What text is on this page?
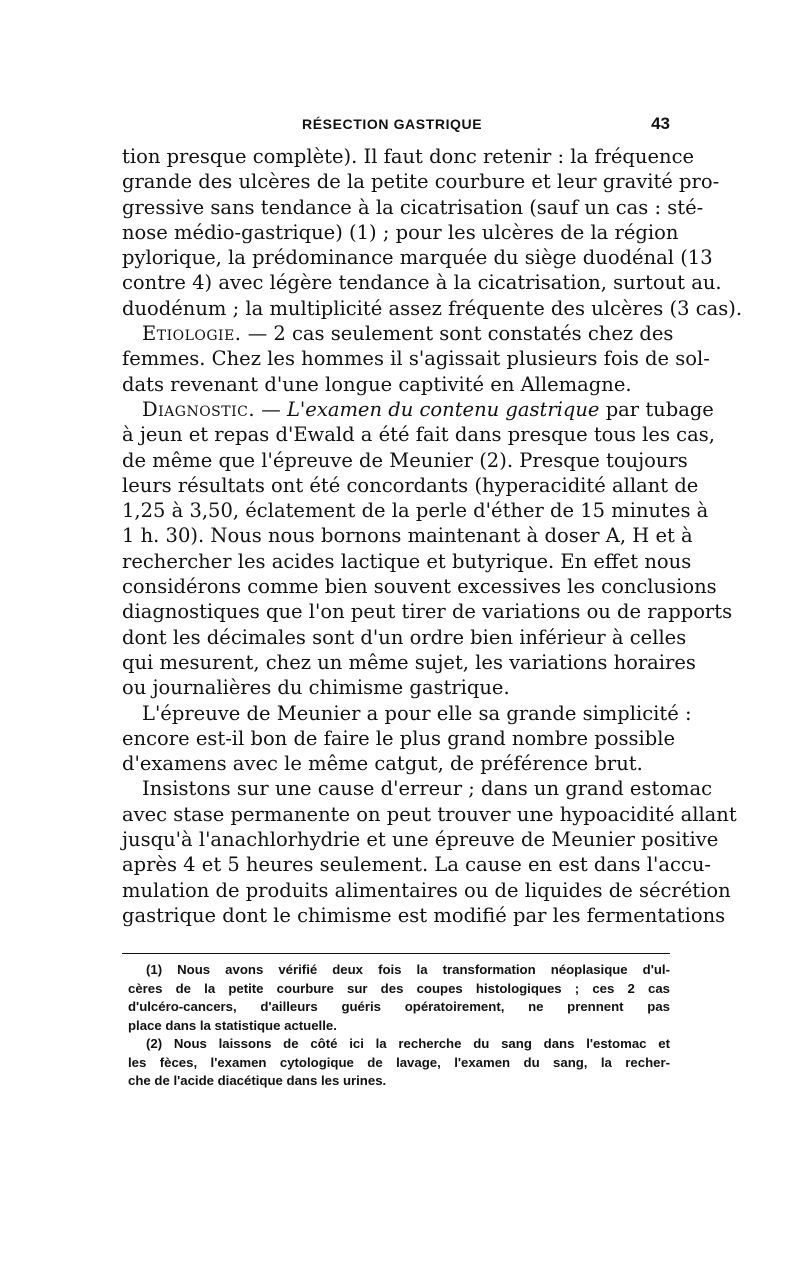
RÉSECTION GASTRIQUE	43
tion presque complète). Il faut donc retenir : la fréquence
grande des ulcères de la petite courbure et leur gravité pro-
gressive sans tendance à la cicatrisation (sauf un cas : sté-
nose médio-gastrique) (1) ; pour les ulcères de la région
pylorique, la prédominance marquée du siège duodénal (13
contre 4) avec légère tendance à la cicatrisation, surtout au.
duodénum ; la multiplicité assez fréquente des ulcères (3 cas).
Etiologie. — 2 cas seulement sont constatés chez des
femmes. Chez les hommes il s'agissait plusieurs fois de sol-
dats revenant d'une longue captivité en Allemagne.
Diagnostic. — L'examen du contenu gastrique par tubage
à jeun et repas d'Ewald a été fait dans presque tous les cas,
de même que l'épreuve de Meunier (2). Presque toujours
leurs résultats ont été concordants (hyperacidité allant de
1,25 à 3,50, éclatement de la perle d'éther de 15 minutes à
1 h. 30). Nous nous bornons maintenant à doser A, H et à
rechercher les acides lactique et butyrique. En effet nous
considérons comme bien souvent excessives les conclusions
diagnostiques que l'on peut tirer de variations ou de rapports
dont les décimales sont d'un ordre bien inférieur à celles
qui mesurent, chez un même sujet, les variations horaires
ou journalières du chimisme gastrique.
L'épreuve de Meunier a pour elle sa grande simplicité :
encore est-il bon de faire le plus grand nombre possible
d'examens avec le même catgut, de préférence brut.
Insistons sur une cause d'erreur ; dans un grand estomac
avec stase permanente on peut trouver une hypoacidité allant
jusqu'à l'anachlorhydrie et une épreuve de Meunier positive
après 4 et 5 heures seulement. La cause en est dans l'accu-
mulation de produits alimentaires ou de liquides de sécrétion
gastrique dont le chimisme est modifié par les fermentations
(1) Nous avons vérifié deux fois la transformation néoplasique d'ul-
cères de la petite courbure sur des coupes histologiques ; ces 2 cas
d'ulcéro-cancers, d'ailleurs guéris opératoirement, ne prennent pas
place dans la statistique actuelle.
(2) Nous laissons de côté ici la recherche du sang dans l'estomac et
les fèces, l'examen cytologique de lavage, l'examen du sang, la recher-
che de l'acide diacétique dans les urines.
